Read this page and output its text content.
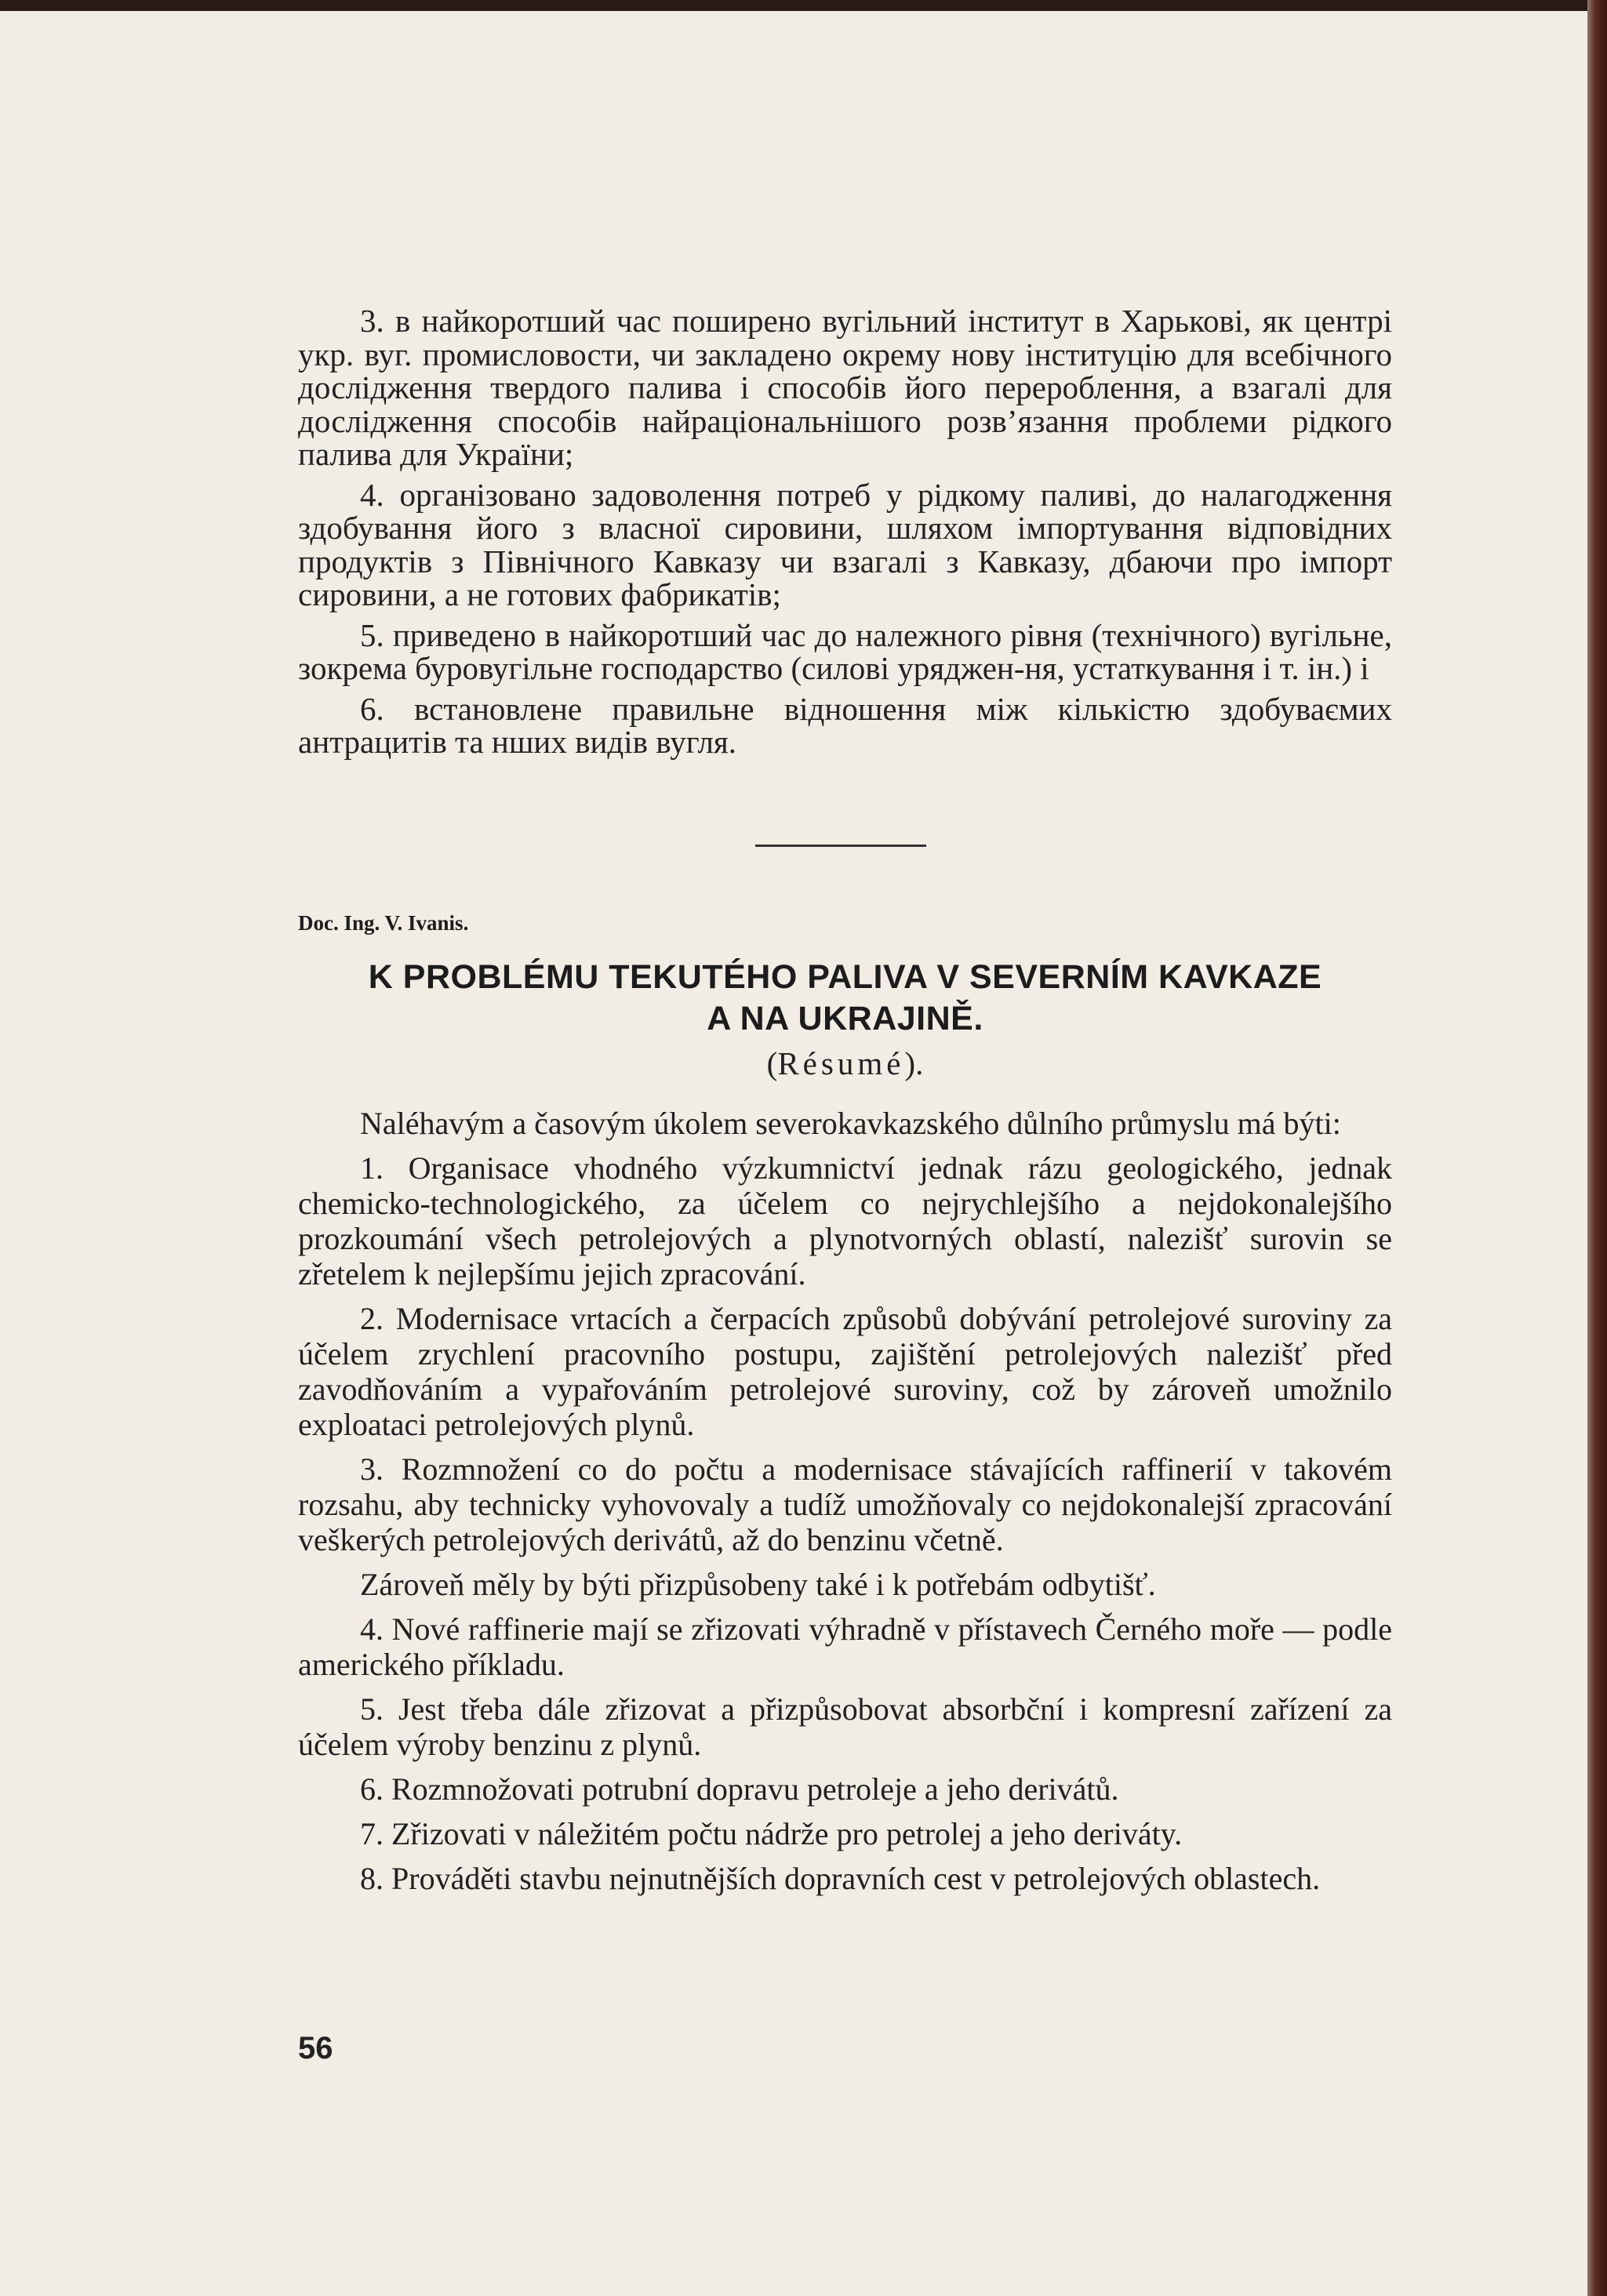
3. в найкоротший час поширено вугільний інститут в Харькові, як центрі укр. вуг. промисловости, чи закладено окрему нову інституцію для всебічного дослідження твердого палива і способів його перероблення, а взагалі для дослідження способів найраціональнішого розв’язання проблеми рідкого палива для України;

4. організовано задоволення потреб у рідкому паливі, до налагодження здобування його з власної сировини, шляхом імпортування відповідних продуктів з Північного Кавказу чи взагалі з Кавказу, дбаючи про імпорт сировини, а не готових фабрикатів;

5. приведено в найкоротший час до належного рівня (технічного) вугільне, зокрема буровугільне господарство (силові уряджен-ня, устаткування і т. ін.) і

6. встановлене правильне відношення між кількістю здобуваємих антрацитів та нших видів вугля.

Doc. Ing. V. Ivanis.
K PROBLÉMU TEKUTÉHO PALIVA V SEVERNÍM KAVKAZE
A NA UKRAJINĚ.
(Résumé).

Naléhavým a časovým úkolem severokavkazského důlního průmyslu má býti:

1. Organisace vhodného výzkumnictví jednak rázu geologického, jednak chemicko-technologického, za účelem co nejrychlejšího a nejdokonalejšího prozkoumání všech petrolejových a plynotvorných oblastí, nalezišť surovin se zřetelem k nejlepšímu jejich zpracování.

2. Modernisace vrtacích a čerpacích způsobů dobývání petrolejové suroviny za účelem zrychlení pracovního postupu, zajištění petrolejových nalezišť před zavodňováním a vypařováním petrolejové suroviny, což by zároveň umožnilo exploataci petrolejových plynů.

3. Rozmnožení co do počtu a modernisace stávajících raffinerií v takovém rozsahu, aby technicky vyhovovaly a tudíž umožňovaly co nejdokonalejší zpracování veškerých petrolejových derivátů, až do benzinu včetně.

Zároveň měly by býti přizpůsobeny také i k potřebám odbytišť.

4. Nové raffinerie mají se zřizovati výhradně v přístavech Černého moře — podle amerického příkladu.

5. Jest třeba dále zřizovat a přizpůsobovat absorbční i kompresní zařízení za účelem výroby benzinu z plynů.

6. Rozmnožovati potrubní dopravu petroleje a jeho derivátů.

7. Zřizovati v náležitém počtu nádrže pro petrolej a jeho deriváty.

8. Prováděti stavbu nejnutnějších dopravních cest v petrolejových oblastech.

56
